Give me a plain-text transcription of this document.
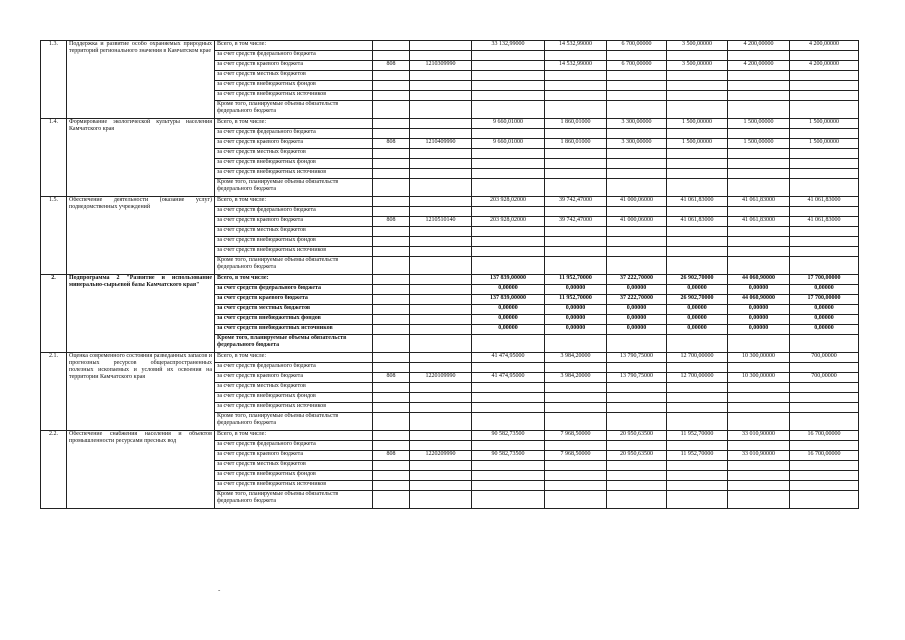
1.3.	Поддержка и развитие особо охраняемых природных территорий регионального значения в Камчатском крае	Всего, в том числе:			33 132,99000	14 532,99000	6 700,00000	3 500,00000	4 200,00000	4 200,00000
		за счет средств федерального бюджета								
		за счет средств краевого бюджета	808	1210309990		14 532,99000	6 700,00000	3 500,00000	4 200,00000	4 200,00000
		за счет средств местных бюджетов								
		за счет средств внебюджетных фондов								
		за счет средств внебюджетных источников								
		Кроме того, планируемые объемы обязательств федерального бюджета								
1.4.	Формирование экологической культуры населения Камчатского края	Всего, в том числе:			9 660,01000	1 860,01000	3 300,00000	1 500,00000	1 500,00000	1 500,00000
		за счет средств федерального бюджета								
		за счет средств краевого бюджета	808	1210409990	9 660,01000	1 860,01000	3 300,00000	1 500,00000	1 500,00000	1 500,00000
		за счет средств местных бюджетов								
		за счет средств внебюджетных фондов								
		за счет средств внебюджетных источников								
		Кроме того, планируемые объемы обязательств федерального бюджета								
1.5.	Обеспечение деятельности (оказание услуг) подведомственных учреждений	Всего, в том числе:			203 928,02000	39 742,47000	41 000,06000	41 061,83000	41 061,83000	41 061,83000
		за счет средств федерального бюджета								
		за счет средств краевого бюджета	808	1210510140	203 928,02000	39 742,47000	41 000,06000	41 061,83000	41 061,83000	41 061,83000
		за счет средств местных бюджетов								
		за счет средств внебюджетных фондов								
		за счет средств внебюджетных источников								
		Кроме того, планируемые объемы обязательств федерального бюджета								
2.	Подпрограмма 2 "Развитие и использование минерально-сырьевой базы Камчатского края"	Всего, в том числе:			137 839,00000	11 952,70000	37 222,70000	26 902,70000	44 060,90000	17 700,00000
		за счет средств федерального бюджета			0,00000	0,00000	0,00000	0,00000	0,00000	0,00000
		за счет средств краевого бюджета			137 839,00000	11 952,70000	37 222,70000	26 902,70000	44 060,90000	17 700,00000
		за счет средств местных бюджетов			0,00000	0,00000	0,00000	0,00000	0,00000	0,00000
		за счет средств внебюджетных фондов			0,00000	0,00000	0,00000	0,00000	0,00000	0,00000
		за счет средств внебюджетных источников			0,00000	0,00000	0,00000	0,00000	0,00000	0,00000
		Кроме того, планируемые объемы обязательств федерального бюджета								
2.1.	Оценка современного состояния разведанных запасов и прогнозных ресурсов общераспространенных полезных ископаемых и условий их освоения на территории Камчатского края	Всего, в том числе:			41 474,95000	3 984,20000	13 790,75000	12 700,00000	10 300,00000	700,00000
		за счет средств федерального бюджета								
		за счет средств краевого бюджета	808	1220109990	41 474,95000	3 984,20000	13 790,75000	12 700,00000	10 300,00000	700,00000
		за счет средств местных бюджетов								
		за счет средств внебюджетных фондов								
		за счет средств внебюджетных источников								
		Кроме того, планируемые объемы обязательств федерального бюджета								
2.2.	Обеспечение снабжения населения и объектов промышленности ресурсами пресных вод	Всего, в том числе:			90 582,73500	7 968,50000	20 950,63500	11 952,70000	33 010,90000	16 700,00000
		за счет средств федерального бюджета								
		за счет средств краевого бюджета	808	1220209990	90 582,73500	7 968,50000	20 950,63500	11 952,70000	33 010,90000	16 700,00000
		за счет средств местных бюджетов								
		за счет средств внебюджетных фондов								
		за счет средств внебюджетных источников								
		Кроме того, планируемые объемы обязательств федерального бюджета								
-
